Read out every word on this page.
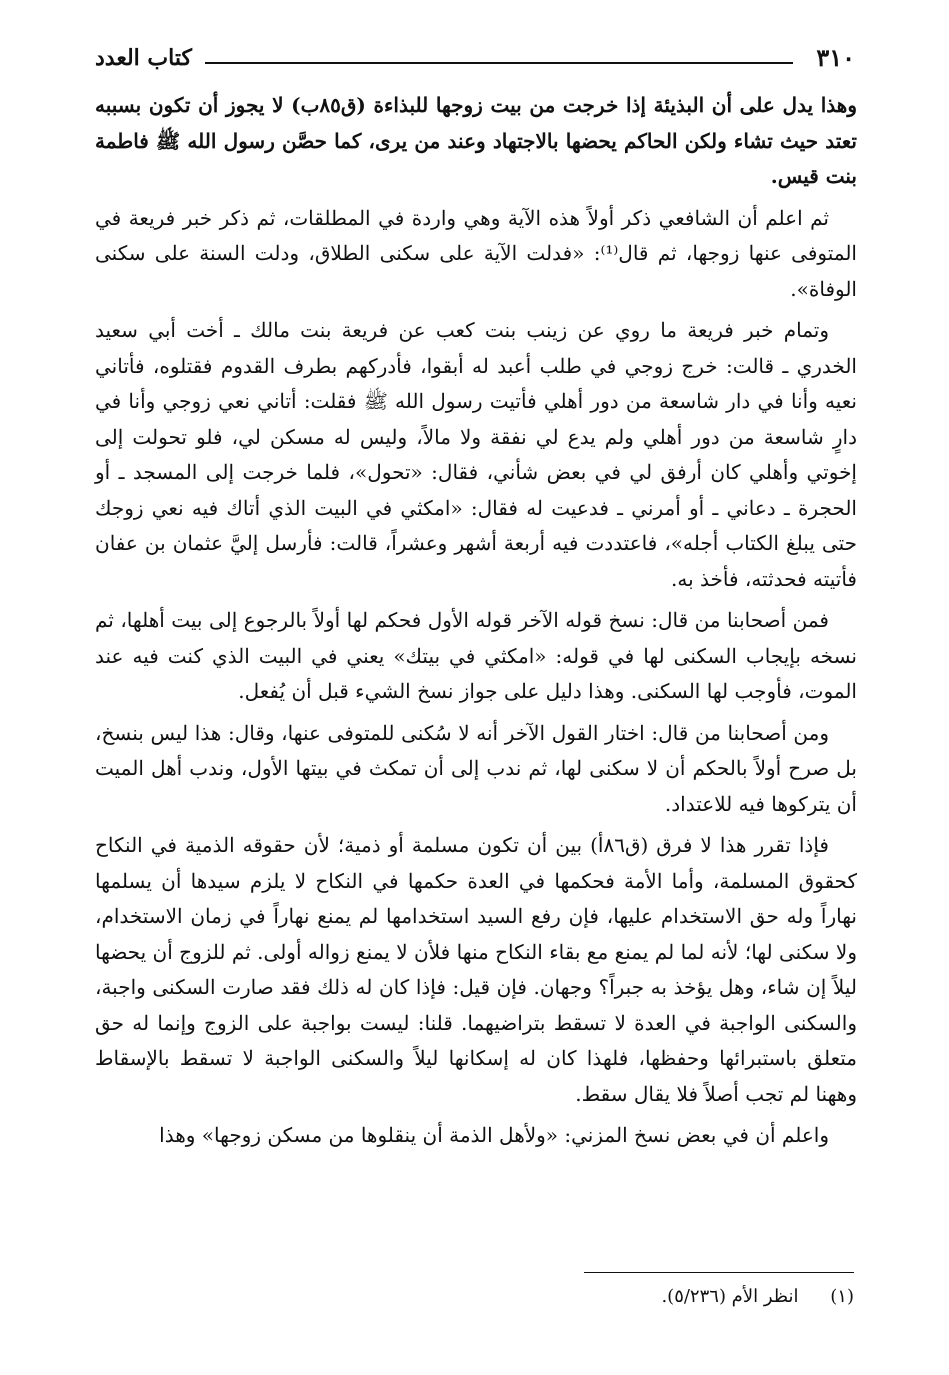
٣١٠
كتاب العدد

وهذا يدل على أن البذيئة إذا خرجت من بيت زوجها للبذاءة (ق٨٥ب) لا يجوز أن تكون بسببه تعتد حيث تشاء ولكن الحاكم يحضها بالاجتهاد وعند من يرى، كما حصَّن رسول الله ﷺ فاطمة بنت قيس.

ثم اعلم أن الشافعي ذكر أولاً هذه الآية وهي واردة في المطلقات، ثم ذكر خبر فريعة في المتوفى عنها زوجها، ثم قال⁽¹⁾: «فدلت الآية على سكنى الطلاق، ودلت السنة على سكنى الوفاة».

وتمام خبر فريعة ما روي عن زينب بنت كعب عن فريعة بنت مالك ـ أخت أبي سعيد الخدري ـ قالت: خرج زوجي في طلب أعبد له أبقوا، فأدركهم بطرف القدوم فقتلوه، فأتاني نعيه وأنا في دار شاسعة من دور أهلي فأتيت رسول الله ﷺ فقلت: أتاني نعي زوجي وأنا في دارٍ شاسعة من دور أهلي ولم يدع لي نفقة ولا مالاً، وليس له مسكن لي، فلو تحولت إلى إخوتي وأهلي كان أرفق لي في بعض شأني، فقال: «تحول»، فلما خرجت إلى المسجد ـ أو الحجرة ـ دعاني ـ أو أمرني ـ فدعيت له فقال: «امكثي في البيت الذي أتاك فيه نعي زوجك حتى يبلغ الكتاب أجله»، فاعتددت فيه أربعة أشهر وعشراً، قالت: فأرسل إليَّ عثمان بن عفان فأتيته فحدثته، فأخذ به.

فمن أصحابنا من قال: نسخ قوله الآخر قوله الأول فحكم لها أولاً بالرجوع إلى بيت أهلها، ثم نسخه بإيجاب السكنى لها في قوله: «امكثي في بيتك» يعني في البيت الذي كنت فيه عند الموت، فأوجب لها السكنى. وهذا دليل على جواز نسخ الشيء قبل أن يُفعل.

ومن أصحابنا من قال: اختار القول الآخر أنه لا سُكنى للمتوفى عنها، وقال: هذا ليس بنسخ، بل صرح أولاً بالحكم أن لا سكنى لها، ثم ندب إلى أن تمكث في بيتها الأول، وندب أهل الميت أن يتركوها فيه للاعتداد.

فإذا تقرر هذا لا فرق (ق٨٦أ) بين أن تكون مسلمة أو ذمية؛ لأن حقوقه الذمية في النكاح كحقوق المسلمة، وأما الأمة فحكمها في العدة حكمها في النكاح لا يلزم سيدها أن يسلمها نهاراً وله حق الاستخدام عليها، فإن رفع السيد استخدامها لم يمنع نهاراً في زمان الاستخدام، ولا سكنى لها؛ لأنه لما لم يمنع مع بقاء النكاح منها فلأن لا يمنع زواله أولى. ثم للزوج أن يحضها ليلاً إن شاء، وهل يؤخذ به جبراً؟ وجهان. فإن قيل: فإذا كان له ذلك فقد صارت السكنى واجبة، والسكنى الواجبة في العدة لا تسقط بتراضيهما. قلنا: ليست بواجبة على الزوج وإنما له حق متعلق باستبرائها وحفظها، فلهذا كان له إسكانها ليلاً والسكنى الواجبة لا تسقط بالإسقاط وههنا لم تجب أصلاً فلا يقال سقط.

واعلم أن في بعض نسخ المزني: «ولأهل الذمة أن ينقلوها من مسكن زوجها» وهذا

(١) انظر الأم (٥/٢٣٦).
